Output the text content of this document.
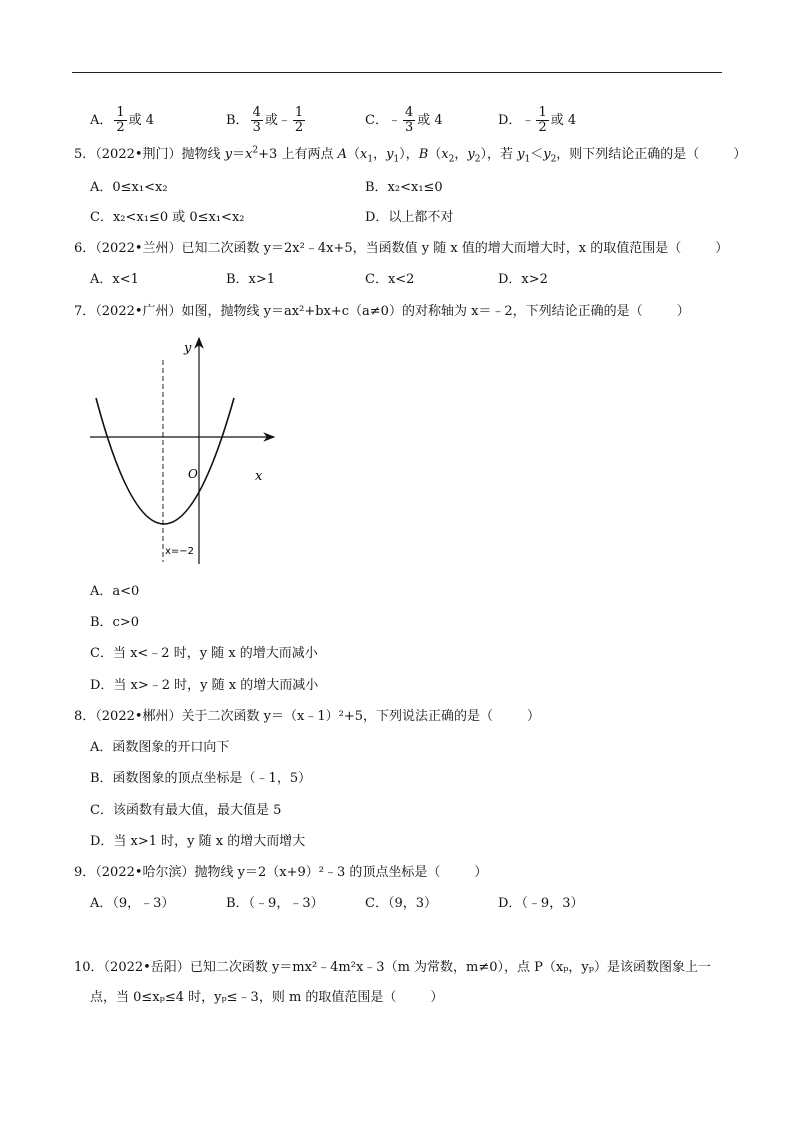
A． $\frac{1}{2}$ 或 4	B． $\frac{4}{3}$ 或﹣ $\frac{1}{2}$	C．﹣ $\frac{4}{3}$ 或 4	D．﹣ $\frac{1}{2}$ 或 4
5．（2022•荆门）抛物线 $y=x^2+3$ 上有两点 $A(x_1$，$y_1$），$B(x_2$，$y_2$），若 $y_1<y_2$，则下列结论正确的是（	）
A．0≤x₁<x₂	B．x₂<x₁≤0
C．x₂<x₁≤0 或 0≤x₁<x₂	D．以上都不对
6．（2022•兰州）已知二次函数 y＝2x²﹣4x+5，当函数值 y 随 x 值的增大而增大时，x 的取值范围是（	）
A．x<1	B．x>1	C．x<2	D．x>2
7．（2022•广州）如图，抛物线 y＝ax²+bx+c（a≠0）的对称轴为 x＝﹣2，下列结论正确的是（	）
y
x
O
x=−2
A．a<0
B．c>0
C．当 x<﹣2 时，y 随 x 的增大而减小
D．当 x>﹣2 时，y 随 x 的增大而减小
8．（2022•郴州）关于二次函数 y＝（x﹣1）²+5，下列说法正确的是（	）
A．函数图象的开口向下
B．函数图象的顶点坐标是（﹣1，5）
C．该函数有最大值，最大值是 5
D．当 x>1 时，y 随 x 的增大而增大
9．（2022•哈尔滨）抛物线 y＝2（x+9）²﹣3 的顶点坐标是（	）
A．（9，﹣3）	B．（﹣9，﹣3）	C．（9，3）	D．（﹣9，3）
10．（2022•岳阳）已知二次函数 y＝mx²﹣4m²x﹣3（m 为常数，m≠0），点 P（xₚ，yₚ）是该函数图象上一
点，当 0≤xₚ≤4 时，yₚ≤﹣3，则 m 的取值范围是（	）
